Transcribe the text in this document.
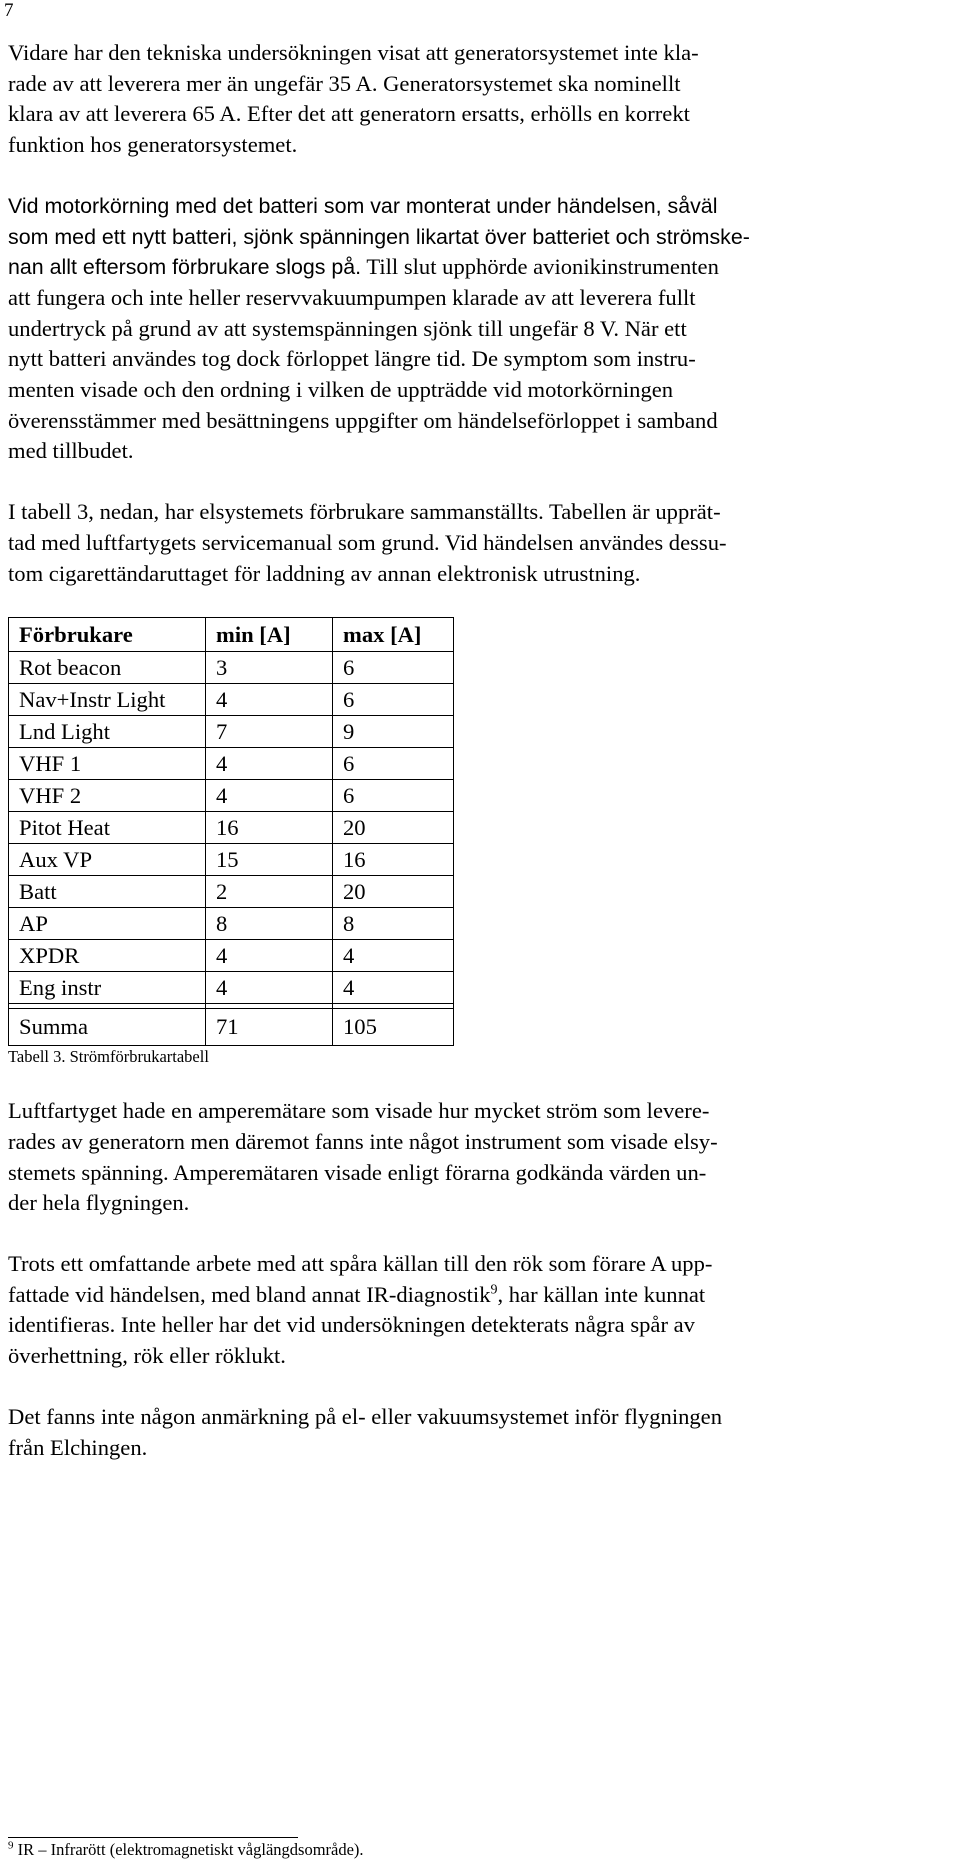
7

Vidare har den tekniska undersökningen visat att generatorsystemet inte kla-
rade av att leverera mer än ungefär 35 A. Generatorsystemet ska nominellt
klara av att leverera 65 A. Efter det att generatorn ersatts, erhölls en korrekt
funktion hos generatorsystemet.

Vid motorkörning med det batteri som var monterat under händelsen, såväl
som med ett nytt batteri, sjönk spänningen likartat över batteriet och strömske-
nan allt eftersom förbrukare slogs på. Till slut upphörde avionikinstrumenten
att fungera och inte heller reservvakuumpumpen klarade av att leverera fullt
undertryck på grund av att systemspänningen sjönk till ungefär 8 V. När ett
nytt batteri användes tog dock förloppet längre tid. De symptom som instru-
menten visade och den ordning i vilken de uppträdde vid motorkörningen
överensstämmer med besättningens uppgifter om händelseförloppet i samband
med tillbudet.

I tabell 3, nedan, har elsystemets förbrukare sammanställts. Tabellen är upprät-
tad med luftfartygets servicemanual som grund. Vid händelsen användes dessu-
tom cigarettändaruttaget för laddning av annan elektronisk utrustning.

Förbrukare	min [A]	max [A]
Rot beacon	3	6
Nav+Instr Light	4	6
Lnd Light	7	9
VHF 1	4	6
VHF 2	4	6
Pitot Heat	16	20
Aux VP	15	16
Batt	2	20
AP	8	8
XPDR	4	4
Eng instr	4	4

Summa	71	105
Tabell 3. Strömförbrukartabell

Luftfartyget hade en amperemätare som visade hur mycket ström som levere-
rades av generatorn men däremot fanns inte något instrument som visade elsy-
stemets spänning. Amperemätaren visade enligt förarna godkända värden un-
der hela flygningen.

Trots ett omfattande arbete med att spåra källan till den rök som förare A upp-
fattade vid händelsen, med bland annat IR-diagnostik$^9$, har källan inte kunnat
identifieras. Inte heller har det vid undersökningen detekterats några spår av
överhettning, rök eller röklukt.

Det fanns inte någon anmärkning på el- eller vakuumsystemet inför flygningen
från Elchingen.

$^9$ IR – Infrarött (elektromagnetiskt våglängdsområde).
